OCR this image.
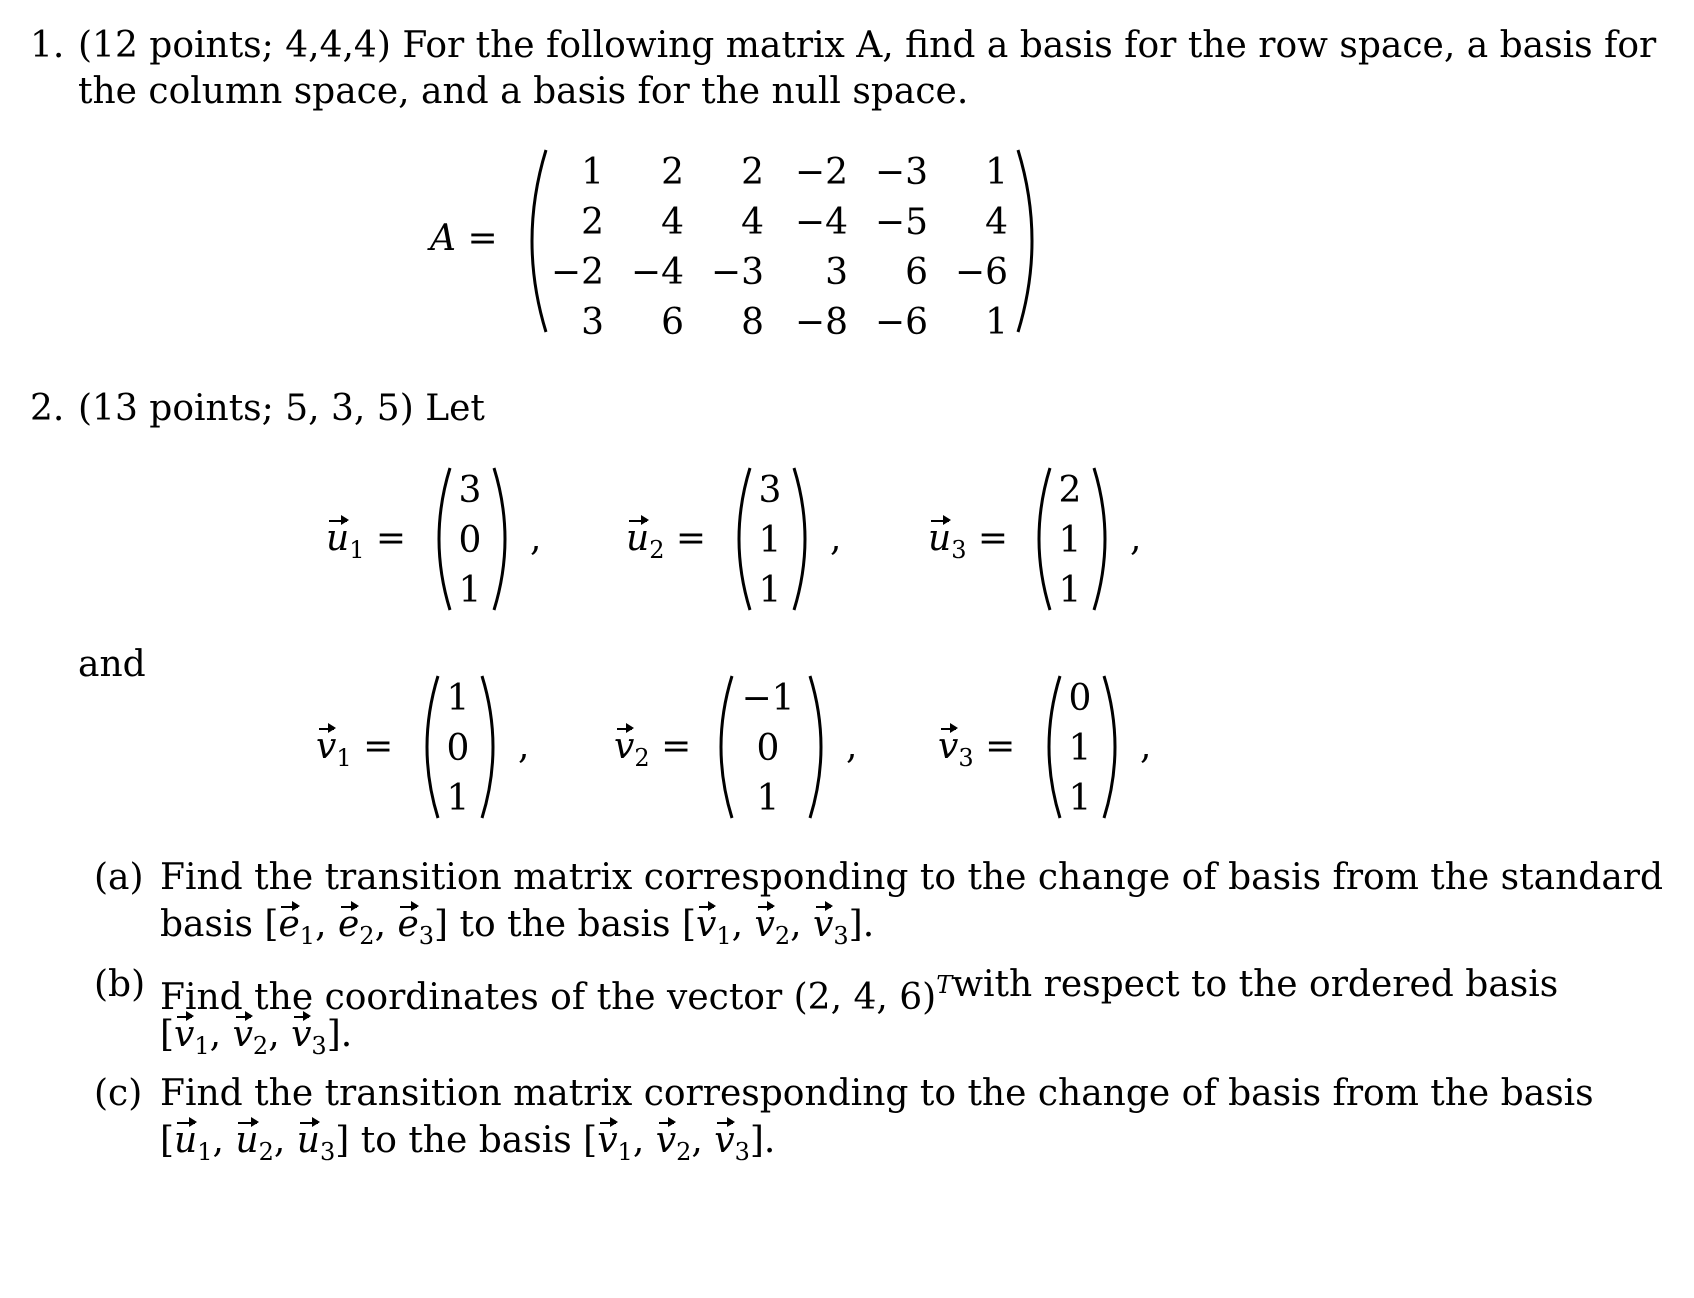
1. (12 points; 4,4,4) For the following matrix A, find a basis for the row space, a basis for
the column space, and a basis for the null space.
A =
1	2	2 −2 −3	1
2	4	4 −4 −5	4
−2 −4 −3	3	6 −6
3	6	8 −8 −6	1
2. (13 points; 5, 3, 5) Let
$u_1$ =
3
0
1
, $u_2$ =
3
1
1
, $u_3$ =
2
1
1
,
and
$v_1$ =
1
0
1
, $v_2$ =
−1
0
1
, $v_3$ =
0
1
1
,
(a) Find the transition matrix corresponding to the change of basis from the standard
basis [$e_1$, $e_2$, $e_3$] to the basis [$v_1$, $v_2$, $v_3$].
(b) Find the coordinates of the vector (2, 4, 6)$^T$ with respect to the ordered basis
[$v_1$, $v_2$, $v_3$].
(c) Find the transition matrix corresponding to the change of basis from the basis
[$u_1$, $u_2$, $u_3$] to the basis [$v_1$, $v_2$, $v_3$].
